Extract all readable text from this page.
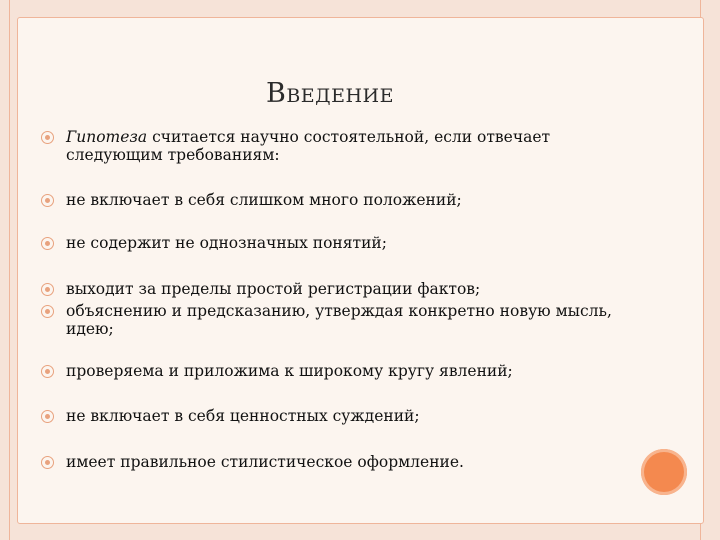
Введение
Гипотеза считается научно состоятельной, если отвечает следующим требованиям:
не включает в себя слишком много положений;
не содержит не однозначных понятий;
выходит за пределы простой регистрации фактов;
объяснению и предсказанию, утверждая конкретно новую мысль, идею;
проверяема и приложима к широкому кругу явлений;
не включает в себя ценностных суждений;
имеет правильное стилистическое оформление.
